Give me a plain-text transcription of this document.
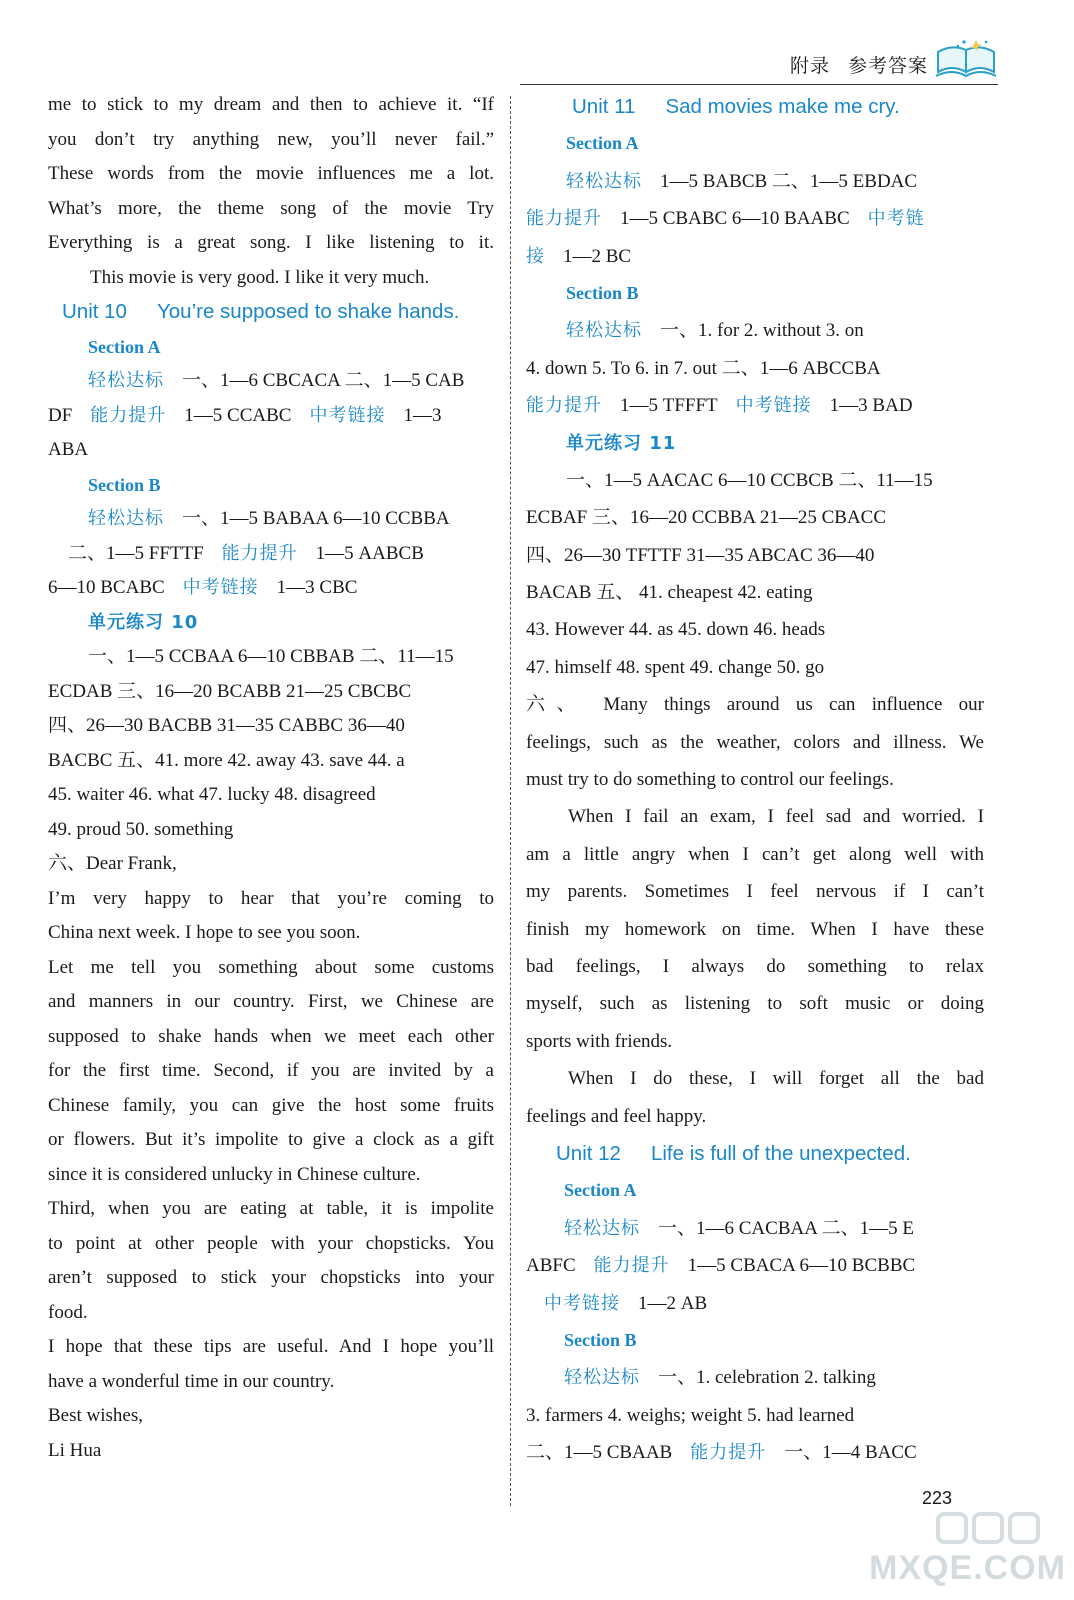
附录 参考答案
me to stick to my dream and then to achieve it. “If
you don’t try anything new, you’ll never fail.”
These words from the movie influences me a lot.
What’s more, the theme song of the movie Try
Everything is a great song. I like listening to it.
This movie is very good. I like it very much.
Unit 10 You’re supposed to shake hands.
Section A
轻松达标 一、1—6 CBCACA 二、1—5 CAB
DF 能力提升 1—5 CCABC 中考链接 1—3
ABA
Section B
轻松达标 一、1—5 BABAA 6—10 CCBBA
二、1—5 FFTTF 能力提升 1—5 AABCB
6—10 BCABC 中考链接 1—3 CBC
单元练习 10
一、1—5 CCBAA 6—10 CBBAB 二、11—15
ECDAB 三、16—20 BCABB 21—25 CBCBC
四、26—30 BACBB 31—35 CABBC 36—40
BACBC 五、41. more 42. away 43. save 44. a
45. waiter 46. what 47. lucky 48. disagreed
49. proud 50. something
六、Dear Frank,
I’m very happy to hear that you’re coming to
China next week. I hope to see you soon.
Let me tell you something about some customs
and manners in our country. First, we Chinese are
supposed to shake hands when we meet each other
for the first time. Second, if you are invited by a
Chinese family, you can give the host some fruits
or flowers. But it’s impolite to give a clock as a gift
since it is considered unlucky in Chinese culture.
Third, when you are eating at table, it is impolite
to point at other people with your chopsticks. You
aren’t supposed to stick your chopsticks into your
food.
I hope that these tips are useful. And I hope you’ll
have a wonderful time in our country.
Best wishes,
Li Hua
Unit 11 Sad movies make me cry.
Section A
轻松达标 1—5 BABCB 二、1—5 EBDAC
能力提升 1—5 CBABC 6—10 BAABC 中考链
接 1—2 BC
Section B
轻松达标 一、1. for 2. without 3. on
4. down 5. To 6. in 7. out 二、1—6 ABCCBA
能力提升 1—5 TFFFT 中考链接 1—3 BAD
单元练习 11
一、1—5 AACAC 6—10 CCBCB 二、11—15
ECBAF 三、16—20 CCBBA 21—25 CBACC
四、26—30 TFTTF 31—35 ABCAC 36—40
BACAB 五、 41. cheapest 42. eating
43. However 44. as 45. down 46. heads
47. himself 48. spent 49. change 50. go
六、 Many things around us can influence our
feelings, such as the weather, colors and illness. We
must try to do something to control our feelings.
When I fail an exam, I feel sad and worried. I
am a little angry when I can’t get along well with
my parents. Sometimes I feel nervous if I can’t
finish my homework on time. When I have these
bad feelings, I always do something to relax
myself, such as listening to soft music or doing
sports with friends.
When I do these, I will forget all the bad
feelings and feel happy.
Unit 12 Life is full of the unexpected.
Section A
轻松达标 一、1—6 CACBAA 二、1—5 E
ABFC 能力提升 1—5 CBACA 6—10 BCBBC
中考链接 1—2 AB
Section B
轻松达标 一、1. celebration 2. talking
3. farmers 4. weighs; weight 5. had learned
二、1—5 CBAAB 能力提升 一、1—4 BACC
223
MXQE.COM
